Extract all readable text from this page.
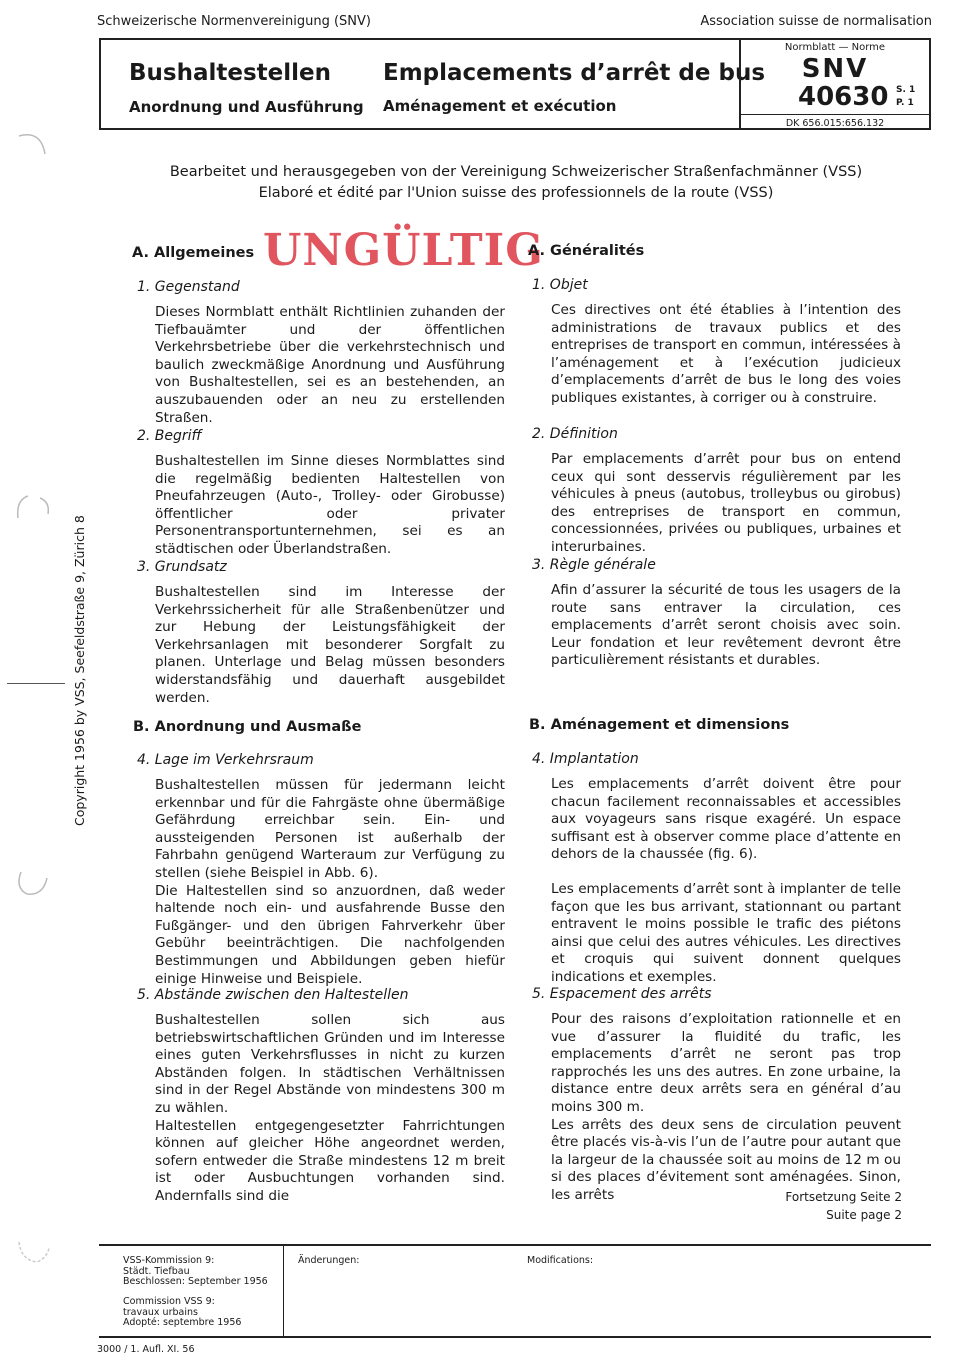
Schweizerische Normenvereinigung (SNV)	Association suisse de normalisation
Bushaltestellen
Anordnung und Ausführung
Emplacements d’arrêt de bus
Aménagement et exécution
Normblatt — Norme
SNV
40630 S. 1
P. 1
DK 656.015:656.132
Bearbeitet und herausgegeben von der Vereinigung Schweizerischer Straßenfachmänner (VSS)
Elaboré et édité par l'Union suisse des professionnels de la route (VSS)
UNGÜLTIG
A. Allgemeines
1. Gegenstand
Dieses Normblatt enthält Richtlinien zuhanden der Tiefbauämter und der öffentlichen Verkehrsbetriebe über die verkehrstechnisch und baulich zweckmäßige Anordnung und Ausführung von Bushaltestellen, sei es an bestehenden, an auszubauenden oder an neu zu erstellenden Straßen.
2. Begriff
Bushaltestellen im Sinne dieses Normblattes sind die regelmäßig bedienten Haltestellen von Pneufahrzeugen (Auto-, Trolley- oder Girobusse) öffentlicher oder privater Personentransportunternehmen, sei es an städtischen oder Überlandstraßen.
3. Grundsatz
Bushaltestellen sind im Interesse der Verkehrssicherheit für alle Straßenbenützer und zur Hebung der Leistungsfähigkeit der Verkehrsanlagen mit besonderer Sorgfalt zu planen. Unterlage und Belag müssen besonders widerstandsfähig und dauerhaft ausgebildet werden.
B. Anordnung und Ausmaße
4. Lage im Verkehrsraum
Bushaltestellen müssen für jedermann leicht erkennbar und für die Fahrgäste ohne übermäßige Gefährdung erreichbar sein. Ein- und aussteigenden Personen ist außerhalb der Fahrbahn genügend Warteraum zur Verfügung zu stellen (siehe Beispiel in Abb. 6).
Die Haltestellen sind so anzuordnen, daß weder haltende noch ein- und ausfahrende Busse den Fußgänger- und den übrigen Fahrverkehr über Gebühr beeinträchtigen. Die nachfolgenden Bestimmungen und Abbildungen geben hiefür einige Hinweise und Beispiele.
5. Abstände zwischen den Haltestellen
Bushaltestellen sollen sich aus betriebswirtschaftlichen Gründen und im Interesse eines guten Verkehrsflusses in nicht zu kurzen Abständen folgen. In städtischen Verhältnissen sind in der Regel Abstände von mindestens 300 m zu wählen.
Haltestellen entgegengesetzter Fahrrichtungen können auf gleicher Höhe angeordnet werden, sofern entweder die Straße mindestens 12 m breit ist oder Ausbuchtungen vorhanden sind. Andernfalls sind die
A. Généralités
1. Objet
Ces directives ont été établies à l’intention des administrations de travaux publics et des entreprises de transport en commun, intéressées à l’aménagement et à l’exécution judicieux d’emplacements d’arrêt de bus le long des voies publiques existantes, à corriger ou à construire.
2. Définition
Par emplacements d’arrêt pour bus on entend ceux qui sont desservis régulièrement par les véhicules à pneus (autobus, trolleybus ou girobus) des entreprises de transport en commun, concessionnées, privées ou publiques, urbaines et interurbaines.
3. Règle générale
Afin d’assurer la sécurité de tous les usagers de la route sans entraver la circulation, ces emplacements d’arrêt seront choisis avec soin. Leur fondation et leur revêtement devront être particulièrement résistants et durables.
B. Aménagement et dimensions
4. Implantation
Les emplacements d’arrêt doivent être pour chacun facilement reconnaissables et accessibles aux voyageurs sans risque exagéré. Un espace suffisant est à observer comme place d’attente en dehors de la chaussée (fig. 6).
Les emplacements d’arrêt sont à implanter de telle façon que les bus arrivant, stationnant ou partant entravent le moins possible le trafic des piétons ainsi que celui des autres véhicules. Les directives et croquis qui suivent donnent quelques indications et exemples.
5. Espacement des arrêts
Pour des raisons d’exploitation rationnelle et en vue d’assurer la fluidité du trafic, les emplacements d’arrêt ne seront pas trop rapprochés les uns des autres. En zone urbaine, la distance entre deux arrêts sera en général d’au moins 300 m.
Les arrêts des deux sens de circulation peuvent être placés vis-à-vis l’un de l’autre pour autant que la largeur de la chaussée soit au moins de 12 m ou si des places d’évitement sont aménagées. Sinon, les arrêts	Fortsetzung Seite 2
Suite page 2
Copyright 1956 by VSS, Seefeldstraße 9, Zürich 8
VSS-Kommission 9:
Städt. Tiefbau
Beschlossen: September 1956
Commission VSS 9:
travaux urbains
Adopté: septembre 1956
Änderungen:	Modifications:
3000 / 1. Aufl. XI. 56
